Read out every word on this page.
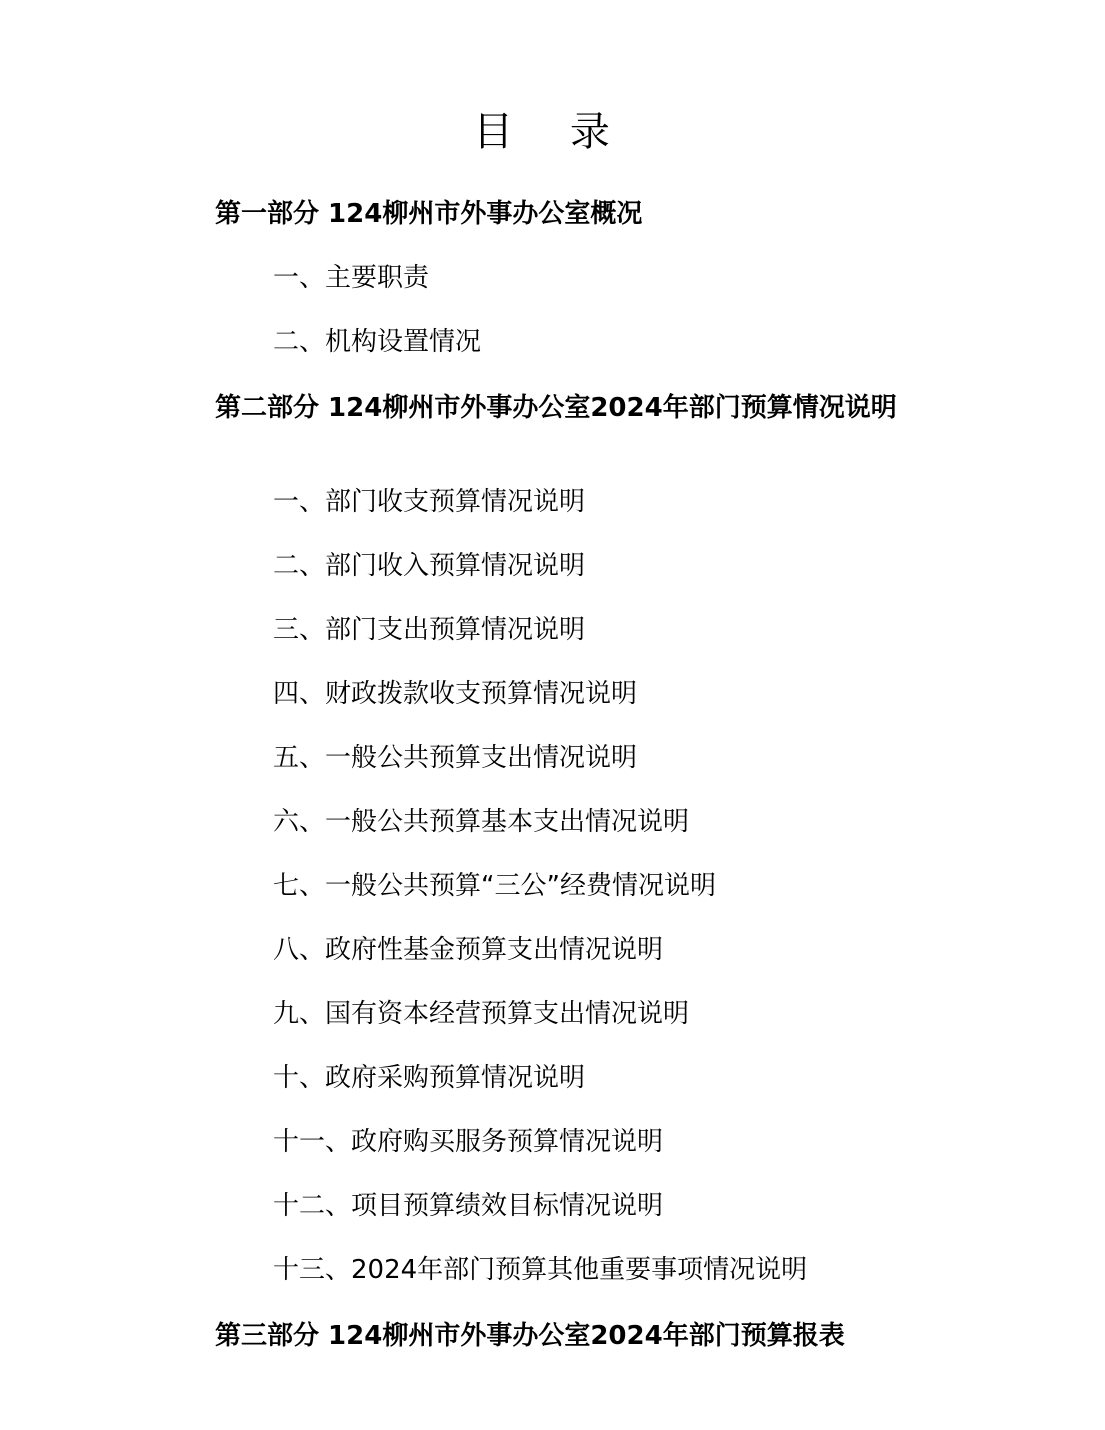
目 录
第一部分 124柳州市外事办公室概况
一、主要职责
二、机构设置情况
第二部分 124柳州市外事办公室2024年部门预算情况说明
一、部门收支预算情况说明
二、部门收入预算情况说明
三、部门支出预算情况说明
四、财政拨款收支预算情况说明
五、一般公共预算支出情况说明
六、一般公共预算基本支出情况说明
七、一般公共预算“三公”经费情况说明
八、政府性基金预算支出情况说明
九、国有资本经营预算支出情况说明
十、政府采购预算情况说明
十一、政府购买服务预算情况说明
十二、项目预算绩效目标情况说明
十三、2024年部门预算其他重要事项情况说明
第三部分 124柳州市外事办公室2024年部门预算报表
